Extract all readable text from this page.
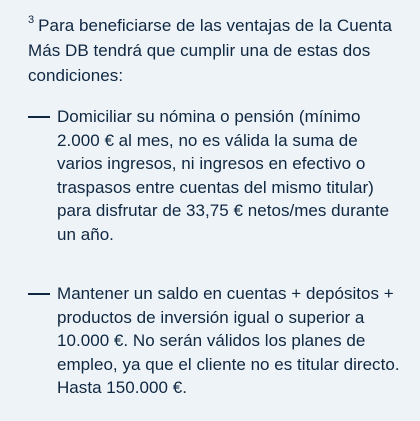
$^3$ Para beneficiarse de las ventajas de la Cuenta Más DB tendrá que cumplir una de estas dos condiciones:

Domiciliar su nómina o pensión (mínimo 2.000 € al mes, no es válida la suma de varios ingresos, ni ingresos en efectivo o traspasos entre cuentas del mismo titular) para disfrutar de 33,75 € netos/mes durante un año.

Mantener un saldo en cuentas + depósitos + productos de inversión igual o superior a 10.000 €. No serán válidos los planes de empleo, ya que el cliente no es titular directo. Hasta 150.000 €.
